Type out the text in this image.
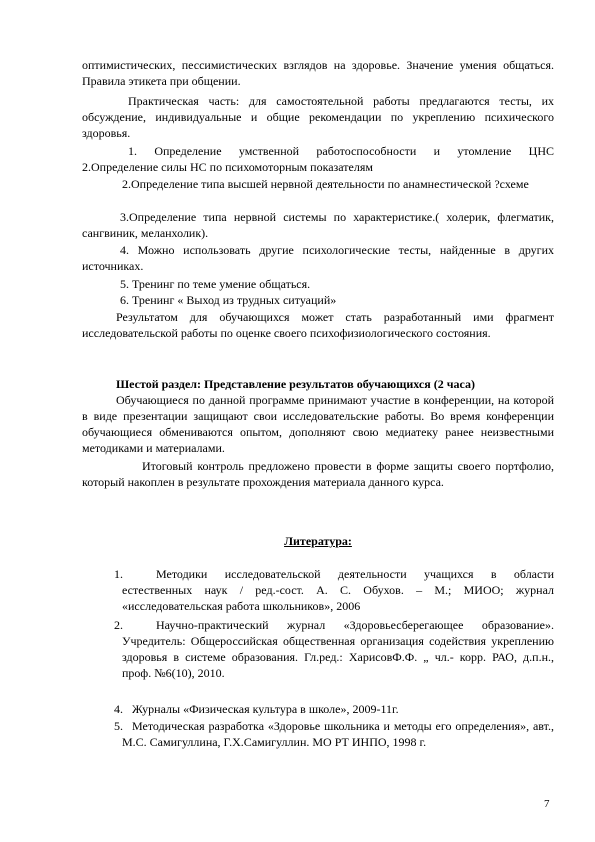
оптимистических, пессимистических взглядов на здоровье. Значение умения общаться. Правила этикета при общении.

Практическая часть: для самостоятельной работы предлагаются тесты, их обсуждение, индивидуальные и общие рекомендации по укреплению психического здоровья.

1. Определение умственной работоспособности и утомление ЦНС

2.Определение силы НС по психомоторным показателям

2.Определение типа высшей нервной деятельности по анамнестической ?схеме

3.Определение типа нервной системы по характеристике.( холерик, флегматик, сангвиник, меланхолик).

4. Можно использовать другие психологические тесты, найденные в других источниках.

5. Тренинг по теме умение общаться.

6. Тренинг « Выход из трудных ситуаций»

Результатом для обучающихся может стать разработанный ими фрагмент исследовательской работы по оценке своего психофизиологического состояния.

Шестой раздел: Представление результатов обучающихся (2 часа)

Обучающиеся по данной программе принимают участие в конференции, на которой в виде презентации защищают свои исследовательские работы. Во время конференции обучающиеся обмениваются опытом, дополняют свою медиатеку ранее неизвестными методиками и материалами.

Итоговый контроль предложено провести в форме защиты своего портфолио, который накоплен в результате прохождения материала данного курса.

Литература:

1.	Методики исследовательской деятельности учащихся в области естественных наук / ред.-сост. А. С. Обухов. – М.; МИОО; журнал «исследовательская работа школьников», 2006

2.	Научно-практический журнал «Здоровьесберегающее образование». Учредитель: Общероссийская общественная организация содействия укреплению здоровья в системе образования. Гл.ред.: ХарисовФ.Ф. „ чл.- корр. РАО, д.п.н., проф. №6(10), 2010.

4. Журналы «Физическая культура в школе», 2009-11г.

5. Методическая разработка «Здоровье школьника и методы его определения», авт., М.С. Самигуллина, Г.Х.Самигуллин. МО РТ ИНПО, 1998 г.

7
